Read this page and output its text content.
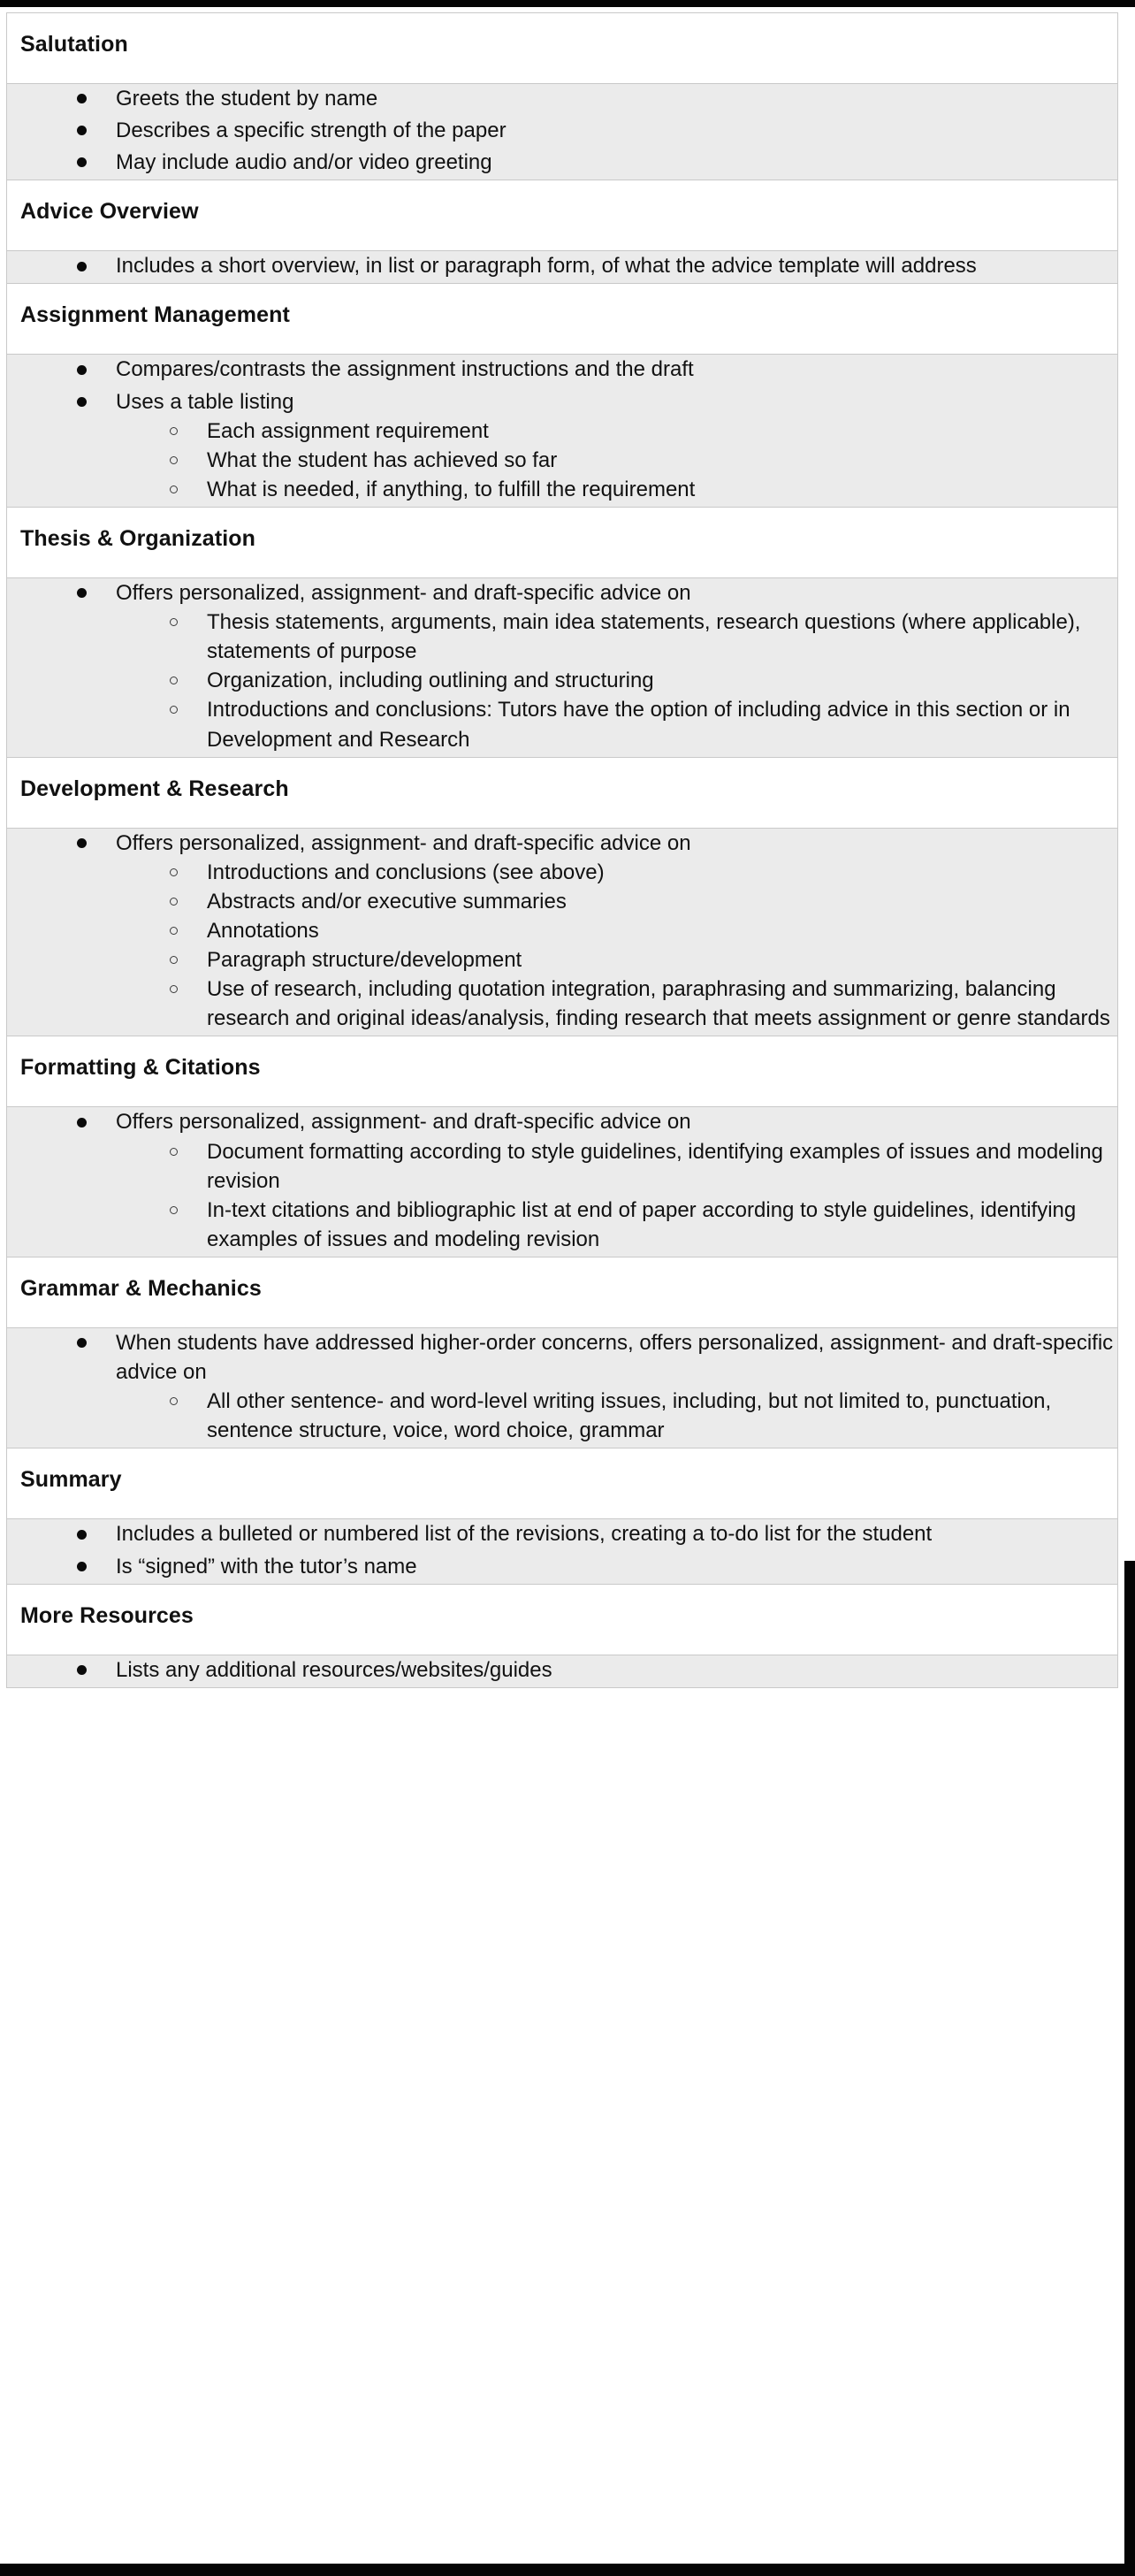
Salutation

Greets the student by name
Describes a specific strength of the paper
May include audio and/or video greeting

Advice Overview

Includes a short overview, in list or paragraph form, of what the advice template will address

Assignment Management

Compares/contrasts the assignment instructions and the draft
Uses a table listing
Each assignment requirement
What the student has achieved so far
What is needed, if anything, to fulfill the requirement

Thesis & Organization

Offers personalized, assignment- and draft-specific advice on
Thesis statements, arguments, main idea statements, research questions (where applicable), statements of purpose
Organization, including outlining and structuring
Introductions and conclusions: Tutors have the option of including advice in this section or in Development and Research

Development & Research

Offers personalized, assignment- and draft-specific advice on
Introductions and conclusions (see above)
Abstracts and/or executive summaries
Annotations
Paragraph structure/development
Use of research, including quotation integration, paraphrasing and summarizing, balancing research and original ideas/analysis, finding research that meets assignment or genre standards

Formatting & Citations

Offers personalized, assignment- and draft-specific advice on
Document formatting according to style guidelines, identifying examples of issues and modeling revision
In-text citations and bibliographic list at end of paper according to style guidelines, identifying examples of issues and modeling revision

Grammar & Mechanics

When students have addressed higher-order concerns, offers personalized, assignment- and draft-specific advice on
All other sentence- and word-level writing issues, including, but not limited to, punctuation, sentence structure, voice, word choice, grammar

Summary

Includes a bulleted or numbered list of the revisions, creating a to-do list for the student
Is “signed” with the tutor’s name

More Resources

Lists any additional resources/websites/guides
